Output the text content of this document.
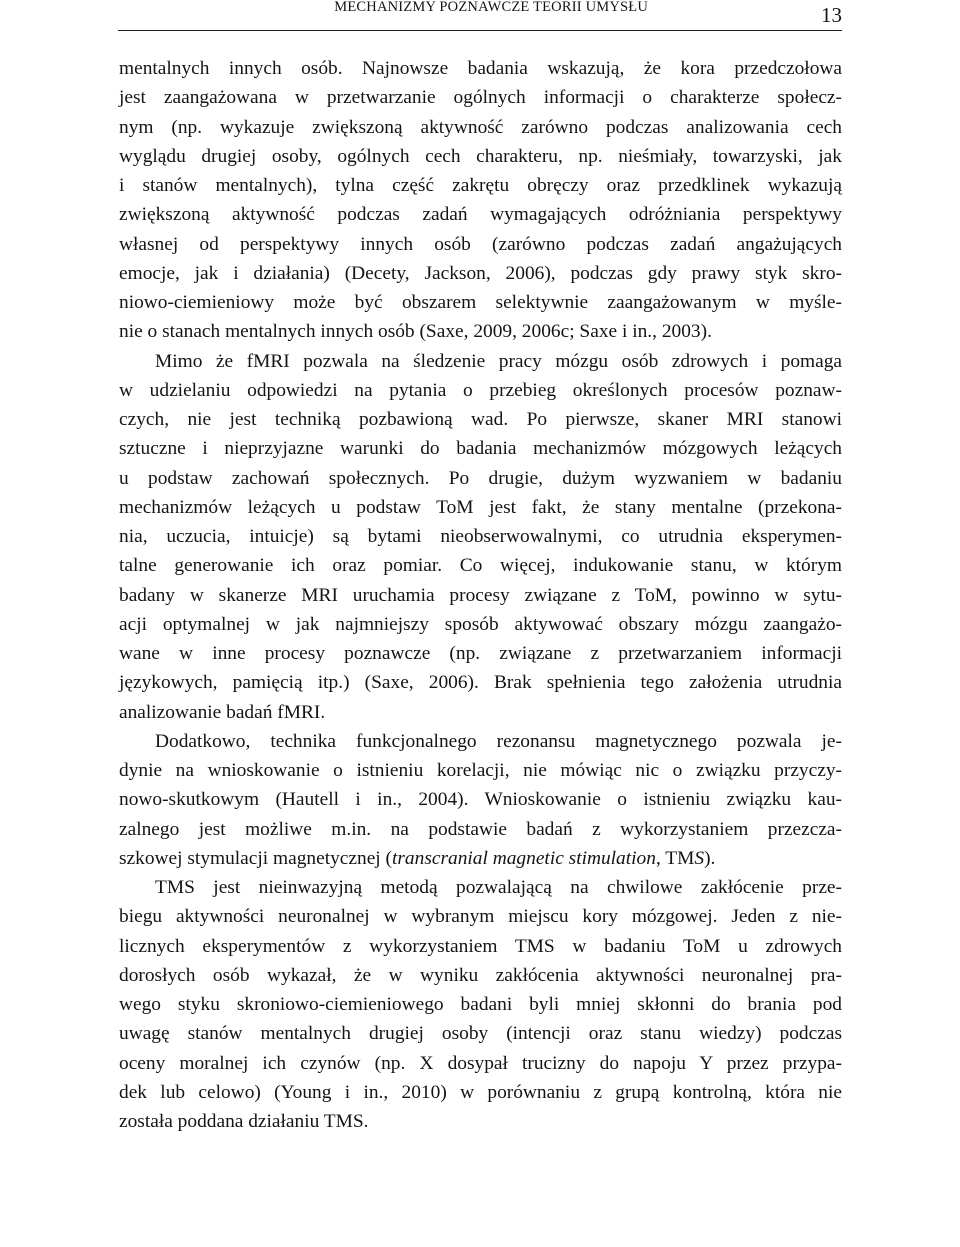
MECHANIZMY POZNAWCZE TEORII UMYSŁU	13

mentalnych innych osób. Najnowsze badania wskazują, że kora przedczołowa

jest zaangażowana w przetwarzanie ogólnych informacji o charakterze społecz-

nym (np. wykazuje zwiększoną aktywność zarówno podczas analizowania cech

wyglądu drugiej osoby, ogólnych cech charakteru, np. nieśmiały, towarzyski, jak

i stanów mentalnych), tylna część zakrętu obręczy oraz przedklinek wykazują

zwiększoną aktywność podczas zadań wymagających odróżniania perspektywy

własnej od perspektywy innych osób (zarówno podczas zadań angażujących

emocje, jak i działania) (Decety, Jackson, 2006), podczas gdy prawy styk skro-

niowo-ciemieniowy może być obszarem selektywnie zaangażowanym w myśle-

nie o stanach mentalnych innych osób (Saxe, 2009, 2006c; Saxe i in., 2003).

Mimo że fMRI pozwala na śledzenie pracy mózgu osób zdrowych i pomaga

w udzielaniu odpowiedzi na pytania o przebieg określonych procesów poznaw-

czych, nie jest techniką pozbawioną wad. Po pierwsze, skaner MRI stanowi

sztuczne i nieprzyjazne warunki do badania mechanizmów mózgowych leżących

u podstaw zachowań społecznych. Po drugie, dużym wyzwaniem w badaniu

mechanizmów leżących u podstaw ToM jest fakt, że stany mentalne (przekona-

nia, uczucia, intuicje) są bytami nieobserwowalnymi, co utrudnia eksperymen-

talne generowanie ich oraz pomiar. Co więcej, indukowanie stanu, w którym

badany w skanerze MRI uruchamia procesy związane z ToM, powinno w sytu-

acji optymalnej w jak najmniejszy sposób aktywować obszary mózgu zaangażo-

wane w inne procesy poznawcze (np. związane z przetwarzaniem informacji

językowych, pamięcią itp.) (Saxe, 2006). Brak spełnienia tego założenia utrudnia

analizowanie badań fMRI.

Dodatkowo, technika funkcjonalnego rezonansu magnetycznego pozwala je-

dynie na wnioskowanie o istnieniu korelacji, nie mówiąc nic o związku przyczy-

nowo-skutkowym (Hautell i in., 2004). Wnioskowanie o istnieniu związku kau-

zalnego jest możliwe m.in. na podstawie badań z wykorzystaniem przezcza-

szkowej stymulacji magnetycznej (transcranial magnetic stimulation, TMS).

TMS jest nieinwazyjną metodą pozwalającą na chwilowe zakłócenie prze-

biegu aktywności neuronalnej w wybranym miejscu kory mózgowej. Jeden z nie-

licznych eksperymentów z wykorzystaniem TMS w badaniu ToM u zdrowych

dorosłych osób wykazał, że w wyniku zakłócenia aktywności neuronalnej pra-

wego styku skroniowo-ciemieniowego badani byli mniej skłonni do brania pod

uwagę stanów mentalnych drugiej osoby (intencji oraz stanu wiedzy) podczas

oceny moralnej ich czynów (np. X dosypał trucizny do napoju Y przez przypa-

dek lub celowo) (Young i in., 2010) w porównaniu z grupą kontrolną, która nie

została poddana działaniu TMS.
